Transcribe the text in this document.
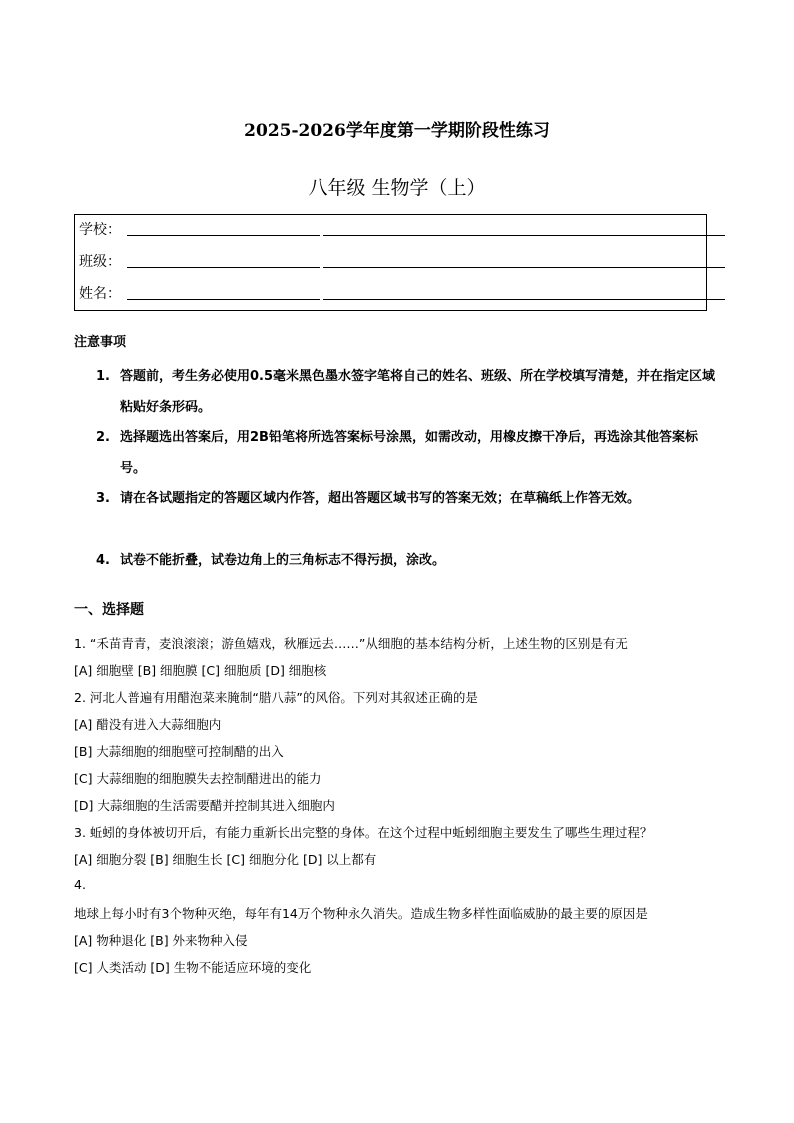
2025-2026学年度第一学期阶段性练习
八年级 生物学（上）
学校：
班级：
姓名：
注意事项
1. 答题前，考生务必使用0.5毫米黑色墨水签字笔将自己的姓名、班级、所在学校填写清楚，并在指定区域粘贴好条形码。
2. 选择题选出答案后，用2B铅笔将所选答案标号涂黑，如需改动，用橡皮擦干净后，再选涂其他答案标号。
3. 请在各试题指定的答题区域内作答，超出答题区域书写的答案无效；在草稿纸上作答无效。
4. 试卷不能折叠，试卷边角上的三角标志不得污损，涂改。
一、选择题
1. “禾苗青青，麦浪滚滚；游鱼嬉戏，秋雁远去……”从细胞的基本结构分析，上述生物的区别是有无
[A] 细胞壁 [B] 细胞膜 [C] 细胞质 [D] 细胞核
2. 河北人普遍有用醋泡菜来腌制“腊八蒜”的风俗。下列对其叙述正确的是
[A] 醋没有进入大蒜细胞内
[B] 大蒜细胞的细胞壁可控制醋的出入
[C] 大蒜细胞的细胞膜失去控制醋进出的能力
[D] 大蒜细胞的生活需要醋并控制其进入细胞内
3. 蚯蚓的身体被切开后，有能力重新长出完整的身体。在这个过程中蚯蚓细胞主要发生了哪些生理过程？
[A] 细胞分裂 [B] 细胞生长 [C] 细胞分化 [D] 以上都有
4.
地球上每小时有3个物种灭绝，每年有14万个物种永久消失。造成生物多样性面临威胁的最主要的原因是
[A] 物种退化 [B] 外来物种入侵
[C] 人类活动 [D] 生物不能适应环境的变化
